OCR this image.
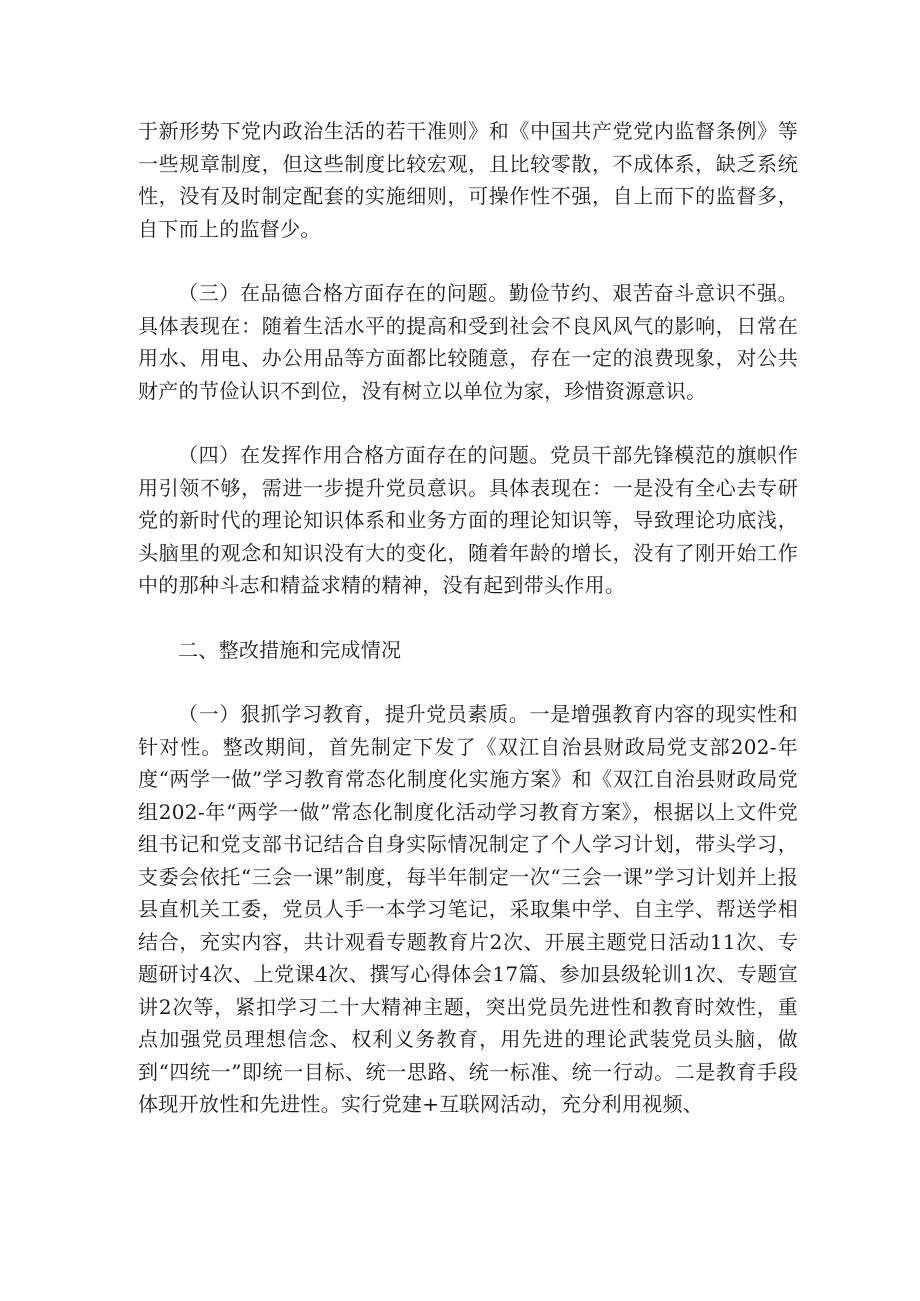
于新形势下党内政治生活的若干准则》和《中国共产党党内监督条例》等一些规章制度，但这些制度比较宏观，且比较零散，不成体系，缺乏系统性，没有及时制定配套的实施细则，可操作性不强，自上而下的监督多，自下而上的监督少。

（三）在品德合格方面存在的问题。勤俭节约、艰苦奋斗意识不强。具体表现在：随着生活水平的提高和受到社会不良风风气的影响，日常在用水、用电、办公用品等方面都比较随意，存在一定的浪费现象，对公共财产的节俭认识不到位，没有树立以单位为家，珍惜资源意识。

（四）在发挥作用合格方面存在的问题。党员干部先锋模范的旗帜作用引领不够，需进一步提升党员意识。具体表现在：一是没有全心去专研党的新时代的理论知识体系和业务方面的理论知识等，导致理论功底浅，头脑里的观念和知识没有大的变化，随着年龄的增长，没有了刚开始工作中的那种斗志和精益求精的精神，没有起到带头作用。

二、整改措施和完成情况

（一）狠抓学习教育，提升党员素质。一是增强教育内容的现实性和针对性。整改期间，首先制定下发了《双江自治县财政局党支部202-年度“两学一做”学习教育常态化制度化实施方案》和《双江自治县财政局党组202-年“两学一做”常态化制度化活动学习教育方案》，根据以上文件党组书记和党支部书记结合自身实际情况制定了个人学习计划，带头学习，支委会依托“三会一课”制度，每半年制定一次“三会一课”学习计划并上报县直机关工委，党员人手一本学习笔记，采取集中学、自主学、帮送学相结合，充实内容，共计观看专题教育片2次、开展主题党日活动11次、专题研讨4次、上党课4次、撰写心得体会17篇、参加县级轮训1次、专题宣讲2次等，紧扣学习二十大精神主题，突出党员先进性和教育时效性，重点加强党员理想信念、权利义务教育，用先进的理论武装党员头脑，做到“四统一”即统一目标、统一思路、统一标准、统一行动。二是教育手段体现开放性和先进性。实行党建+互联网活动，充分利用视频、
